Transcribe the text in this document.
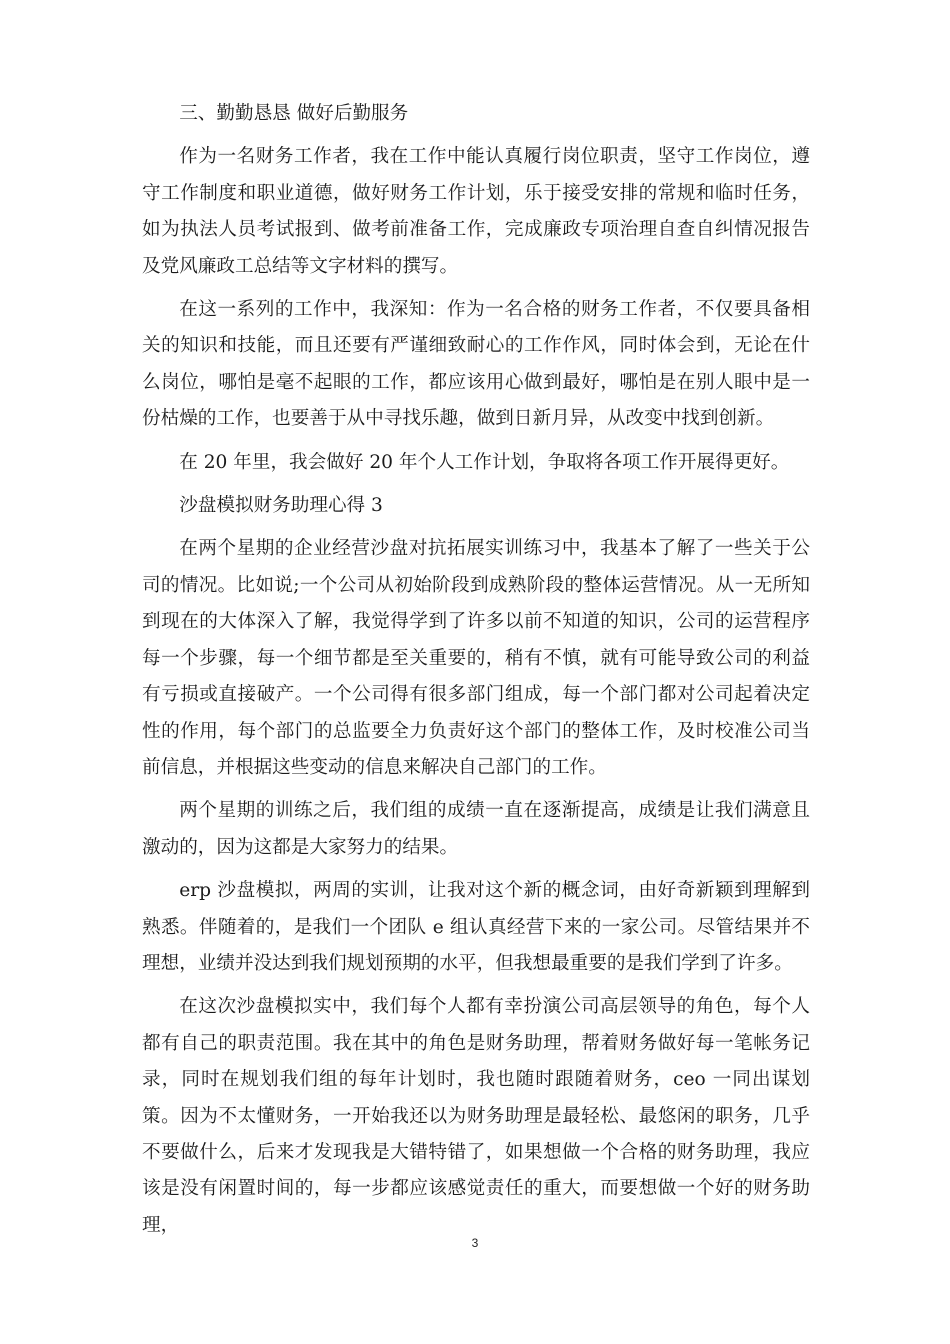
三、勤勤恳恳 做好后勤服务

作为一名财务工作者，我在工作中能认真履行岗位职责，坚守工作岗位，遵守工作制度和职业道德，做好财务工作计划，乐于接受安排的常规和临时任务，如为执法人员考试报到、做考前准备工作，完成廉政专项治理自查自纠情况报告及党风廉政工总结等文字材料的撰写。

在这一系列的工作中，我深知：作为一名合格的财务工作者，不仅要具备相关的知识和技能，而且还要有严谨细致耐心的工作作风，同时体会到，无论在什么岗位，哪怕是毫不起眼的工作，都应该用心做到最好，哪怕是在别人眼中是一份枯燥的工作，也要善于从中寻找乐趣，做到日新月异，从改变中找到创新。

在 20 年里，我会做好 20 年个人工作计划，争取将各项工作开展得更好。

沙盘模拟财务助理心得 3

在两个星期的企业经营沙盘对抗拓展实训练习中，我基本了解了一些关于公司的情况。比如说;一个公司从初始阶段到成熟阶段的整体运营情况。从一无所知到现在的大体深入了解，我觉得学到了许多以前不知道的知识，公司的运营程序每一个步骤，每一个细节都是至关重要的，稍有不慎，就有可能导致公司的利益有亏损或直接破产。一个公司得有很多部门组成，每一个部门都对公司起着决定性的作用，每个部门的总监要全力负责好这个部门的整体工作，及时校准公司当前信息，并根据这些变动的信息来解决自己部门的工作。

两个星期的训练之后，我们组的成绩一直在逐渐提高，成绩是让我们满意且激动的，因为这都是大家努力的结果。

erp 沙盘模拟，两周的实训，让我对这个新的概念词，由好奇新颖到理解到熟悉。伴随着的，是我们一个团队 e 组认真经营下来的一家公司。尽管结果并不理想，业绩并没达到我们规划预期的水平，但我想最重要的是我们学到了许多。

在这次沙盘模拟实中，我们每个人都有幸扮演公司高层领导的角色，每个人都有自己的职责范围。我在其中的角色是财务助理，帮着财务做好每一笔帐务记录，同时在规划我们组的每年计划时，我也随时跟随着财务，ceo 一同出谋划策。因为不太懂财务，一开始我还以为财务助理是最轻松、最悠闲的职务，几乎不要做什么，后来才发现我是大错特错了，如果想做一个合格的财务助理，我应该是没有闲置时间的，每一步都应该感觉责任的重大，而要想做一个好的财务助理，

3
